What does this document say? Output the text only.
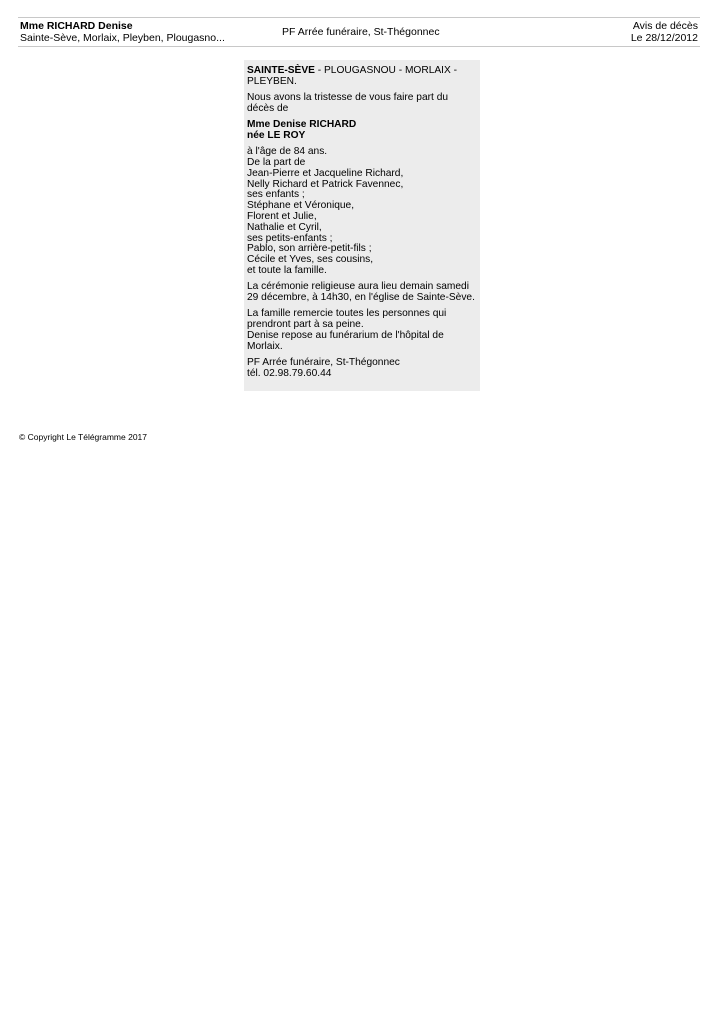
Mme RICHARD Denise
Sainte-Sève, Morlaix, Pleyben, Plougasno...	PF Arrée funéraire, St-Thégonnec	Avis de décès
Le 28/12/2012

SAINTE-SÈVE - PLOUGASNOU - MORLAIX - PLEYBEN.

Nous avons la tristesse de vous faire part du décès de

Mme Denise RICHARD
née LE ROY

à l'âge de 84 ans.
De la part de
Jean-Pierre et Jacqueline Richard,
Nelly Richard et Patrick Favennec,
ses enfants ;
Stéphane et Véronique,
Florent et Julie,
Nathalie et Cyril,
ses petits-enfants ;
Pablo, son arrière-petit-fils ;
Cécile et Yves, ses cousins,
et toute la famille.

La cérémonie religieuse aura lieu demain samedi 29 décembre, à 14h30, en l'église de Sainte-Sève.

La famille remercie toutes les personnes qui prendront part à sa peine.
Denise repose au funérarium de l'hôpital de Morlaix.

PF Arrée funéraire, St-Thégonnec
tél. 02.98.79.60.44

© Copyright Le Télégramme 2017
